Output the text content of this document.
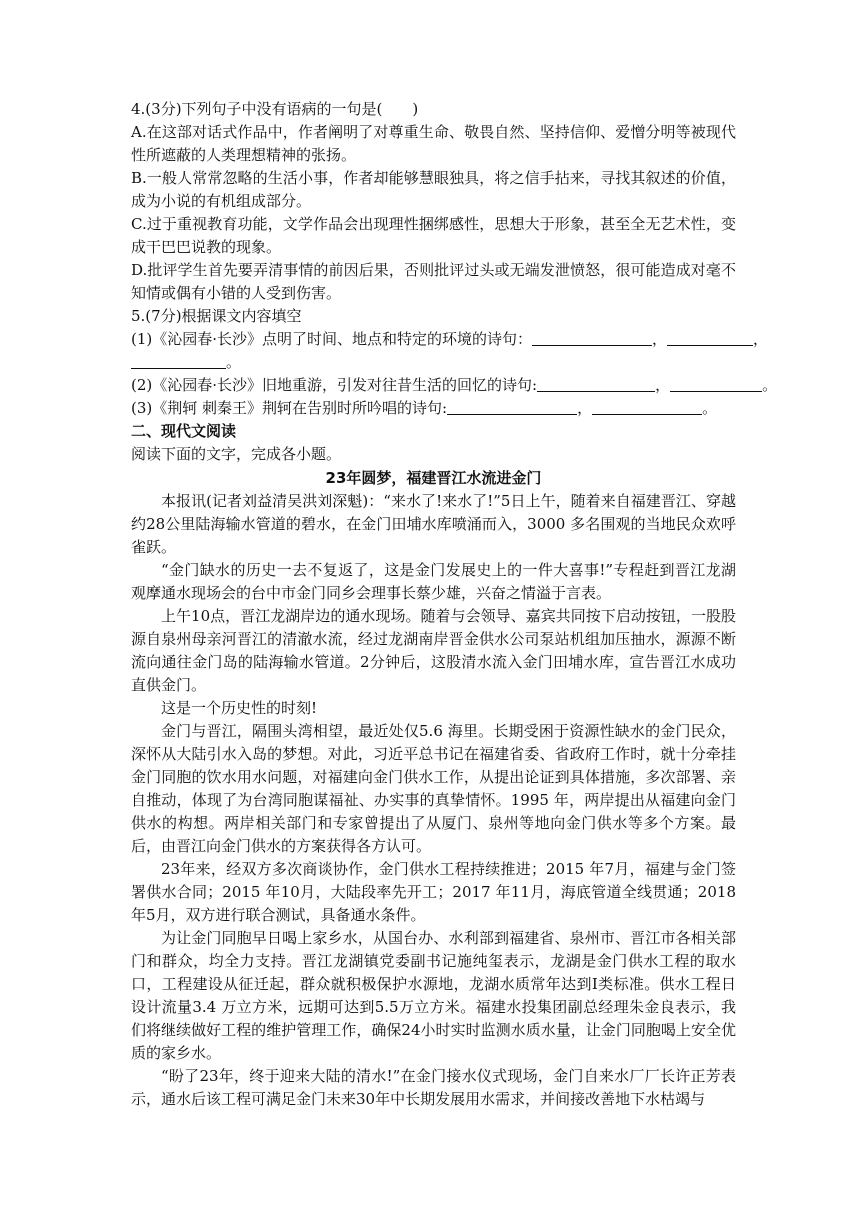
4.(3分)下列句子中没有语病的一句是(　　)

A.在这部对话式作品中，作者阐明了对尊重生命、敬畏自然、坚持信仰、爱憎分明等被现代性所遮蔽的人类理想精神的张扬。

B.一般人常常忽略的生活小事，作者却能够慧眼独具，将之信手拈来，寻找其叙述的价值，成为小说的有机组成部分。

C.过于重视教育功能，文学作品会出现理性捆绑感性，思想大于形象，甚至全无艺术性，变成干巴巴说教的现象。

D.批评学生首先要弄清事情的前因后果，否则批评过头或无端发泄愤怒，很可能造成对毫不知情或偶有小错的人受到伤害。

5.(7分)根据课文内容填空

(1)《沁园春·长沙》点明了时间、地点和特定的环境的诗句：	，	，

。

(2)《沁园春·长沙》旧地重游，引发对往昔生活的回忆的诗句:	，	。

(3)《荆轲 刺秦王》荆轲在告别时所吟唱的诗句:	，	。

二、现代文阅读

阅读下面的文字，完成各小题。

23年圆梦，福建晋江水流进金门

本报讯(记者刘益清吴洪刘深魁)：“来水了!来水了!”5日上午，随着来自福建晋江、穿越约28公里陆海输水管道的碧水，在金门田埔水库喷涌而入，3000 多名围观的当地民众欢呼雀跃。

“金门缺水的历史一去不复返了，这是金门发展史上的一件大喜事!”专程赶到晋江龙湖观摩通水现场会的台中市金门同乡会理事长蔡少雄，兴奋之情溢于言表。

上午10点，晋江龙湖岸边的通水现场。随着与会领导、嘉宾共同按下启动按钮，一股股源自泉州母亲河晋江的清澈水流，经过龙湖南岸晋金供水公司泵站机组加压抽水，源源不断流向通往金门岛的陆海输水管道。2分钟后，这股清水流入金门田埔水库，宣告晋江水成功直供金门。

这是一个历史性的时刻!

金门与晋江，隔围头湾相望，最近处仅5.6 海里。长期受困于资源性缺水的金门民众，深怀从大陆引水入岛的梦想。对此，习近平总书记在福建省委、省政府工作时，就十分牵挂金门同胞的饮水用水问题，对福建向金门供水工作，从提出论证到具体措施，多次部署、亲自推动，体现了为台湾同胞谋福祉、办实事的真挚情怀。1995 年，两岸提出从福建向金门供水的构想。两岸相关部门和专家曾提出了从厦门、泉州等地向金门供水等多个方案。最后，由晋江向金门供水的方案获得各方认可。

23年来，经双方多次商谈协作，金门供水工程持续推进；2015 年7月，福建与金门签署供水合同；2015 年10月，大陆段率先开工；2017 年11月，海底管道全线贯通；2018年5月，双方进行联合测试，具备通水条件。

为让金门同胞早日喝上家乡水，从国台办、水利部到福建省、泉州市、晋江市各相关部门和群众，均全力支持。晋江龙湖镇党委副书记施纯玺表示，龙湖是金门供水工程的取水口，工程建设从征迁起，群众就积极保护水源地，龙湖水质常年达到Ⅰ类标准。供水工程日设计流量3.4 万立方米，远期可达到5.5万立方米。福建水投集团副总经理朱金良表示，我们将继续做好工程的维护管理工作，确保24小时实时监测水质水量，让金门同胞喝上安全优质的家乡水。

“盼了23年，终于迎来大陆的清水!”在金门接水仪式现场，金门自来水厂厂长许正芳表示，通水后该工程可满足金门未来30年中长期发展用水需求，并间接改善地下水枯竭与
